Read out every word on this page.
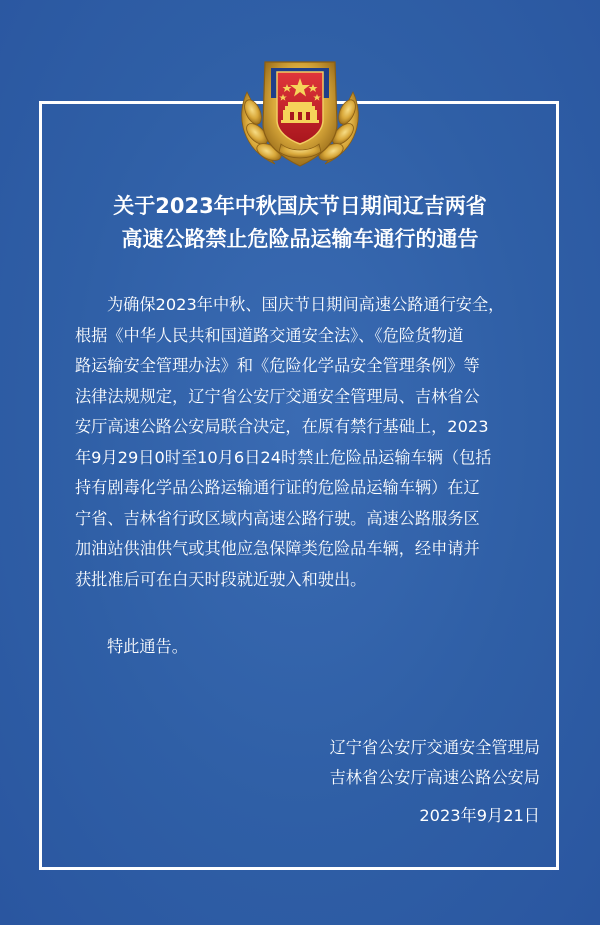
关于2023年中秋国庆节日期间辽吉两省
高速公路禁止危险品运输车通行的通告
为确保2023年中秋、国庆节日期间高速公路通行安全，
根据《中华人民共和国道路交通安全法》、《危险货物道
路运输安全管理办法》和《危险化学品安全管理条例》等
法律法规规定，辽宁省公安厅交通安全管理局、吉林省公
安厅高速公路公安局联合决定，在原有禁行基础上，2023
年9月29日0时至10月6日24时禁止危险品运输车辆（包括
持有剧毒化学品公路运输通行证的危险品运输车辆）在辽
宁省、吉林省行政区域内高速公路行驶。高速公路服务区
加油站供油供气或其他应急保障类危险品车辆，经申请并
获批准后可在白天时段就近驶入和驶出。
特此通告。
辽宁省公安厅交通安全管理局
吉林省公安厅高速公路公安局
2023年9月21日
